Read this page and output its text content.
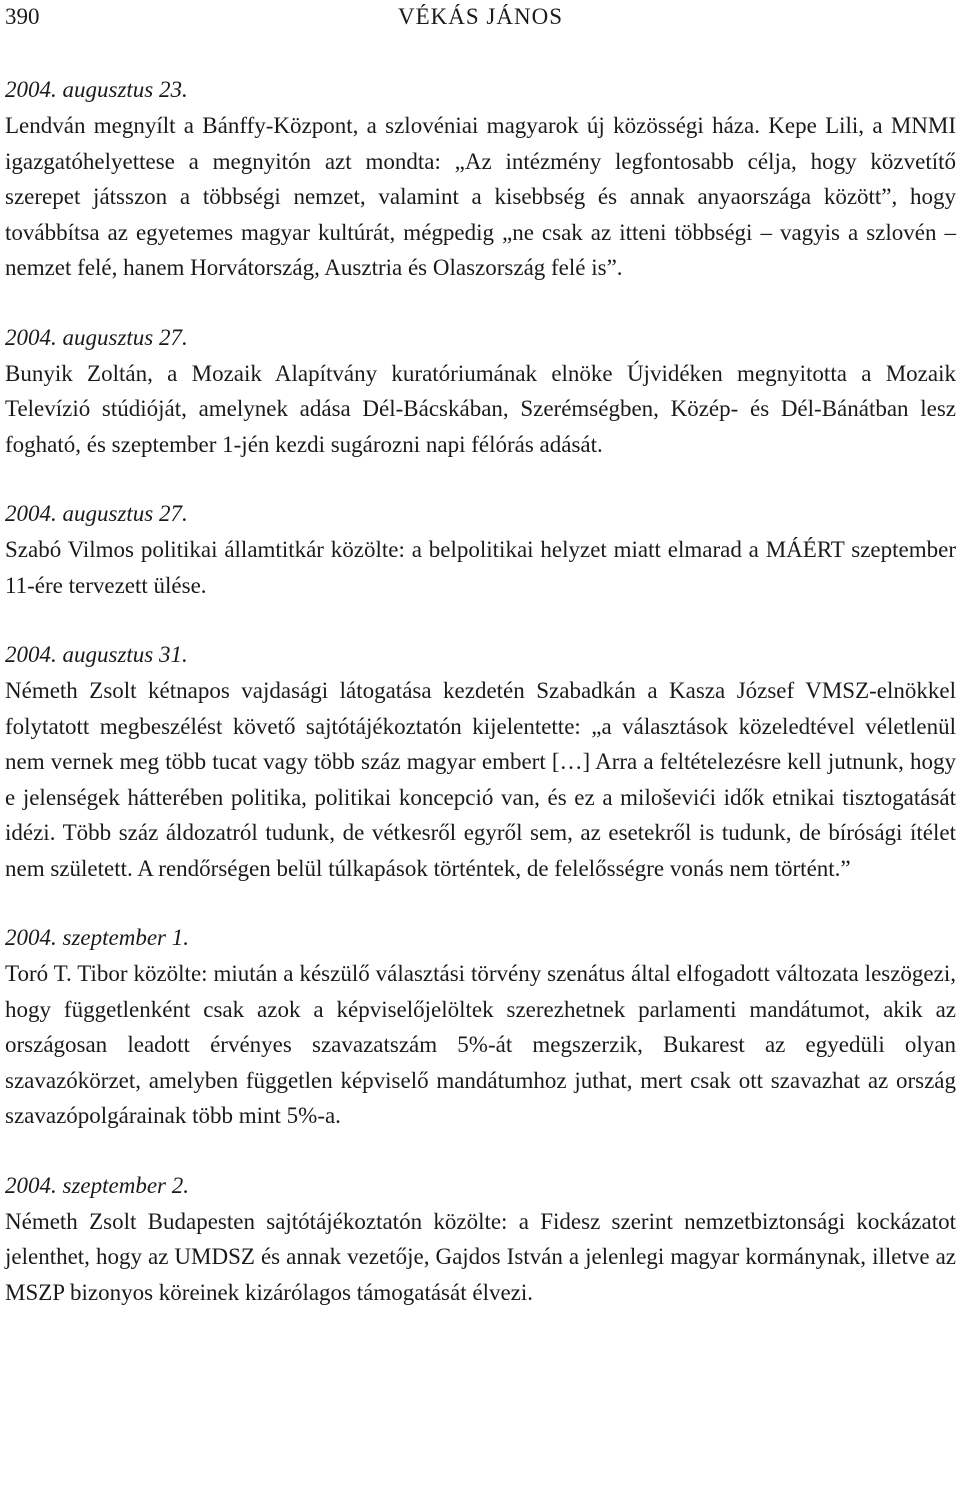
390	VÉKÁS JÁNOS

2004. augusztus 23.

Lendván megnyílt a Bánffy-Központ, a szlovéniai magyarok új közösségi háza. Kepe Lili, a MNMI igazgatóhelyettese a megnyitón azt mondta: „Az intézmény legfontosabb célja, hogy közvetítő szerepet játsszon a többségi nemzet, valamint a kisebbség és annak anyaországa között”, hogy továbbítsa az egyetemes magyar kultúrát, mégpedig „ne csak az itteni többségi – vagyis a szlovén – nemzet felé, hanem Horvátország, Ausztria és Olaszország felé is”.

2004. augusztus 27.

Bunyik Zoltán, a Mozaik Alapítvány kuratóriumának elnöke Újvidéken megnyitotta a Mozaik Televízió stúdióját, amelynek adása Dél-Bácskában, Szerémségben, Közép- és Dél-Bánátban lesz fogható, és szeptember 1-jén kezdi sugározni napi félórás adását.

2004. augusztus 27.

Szabó Vilmos politikai államtitkár közölte: a belpolitikai helyzet miatt elmarad a MÁÉRT szeptember 11-ére tervezett ülése.

2004. augusztus 31.

Németh Zsolt kétnapos vajdasági látogatása kezdetén Szabadkán a Kasza József VMSZ-elnökkel folytatott megbeszélést követő sajtótájékoztatón kijelentette: „a választások közeledtével véletlenül nem vernek meg több tucat vagy több száz magyar embert […] Arra a feltételezésre kell jutnunk, hogy e jelenségek hátterében politika, politikai koncepció van, és ez a miloševići idők etnikai tisztogatását idézi. Több száz áldozatról tudunk, de vétkesről egyről sem, az esetekről is tudunk, de bírósági ítélet nem született. A rendőrségen belül túlkapások történtek, de felelősségre vonás nem történt.”

2004. szeptember 1.

Toró T. Tibor közölte: miután a készülő választási törvény szenátus által elfogadott változata leszögezi, hogy függetlenként csak azok a képviselőjelöltek szerezhetnek parlamenti mandátumot, akik az országosan leadott érvényes szavazatszám 5%-át megszerzik, Bukarest az egyedüli olyan szavazókörzet, amelyben független képviselő mandátumhoz juthat, mert csak ott szavazhat az ország szavazópolgárainak több mint 5%-a.

2004. szeptember 2.

Németh Zsolt Budapesten sajtótájékoztatón közölte: a Fidesz szerint nemzetbiztonsági kockázatot jelenthet, hogy az UMDSZ és annak vezetője, Gajdos István a jelenlegi magyar kormánynak, illetve az MSZP bizonyos köreinek kizárólagos támogatását élvezi.
